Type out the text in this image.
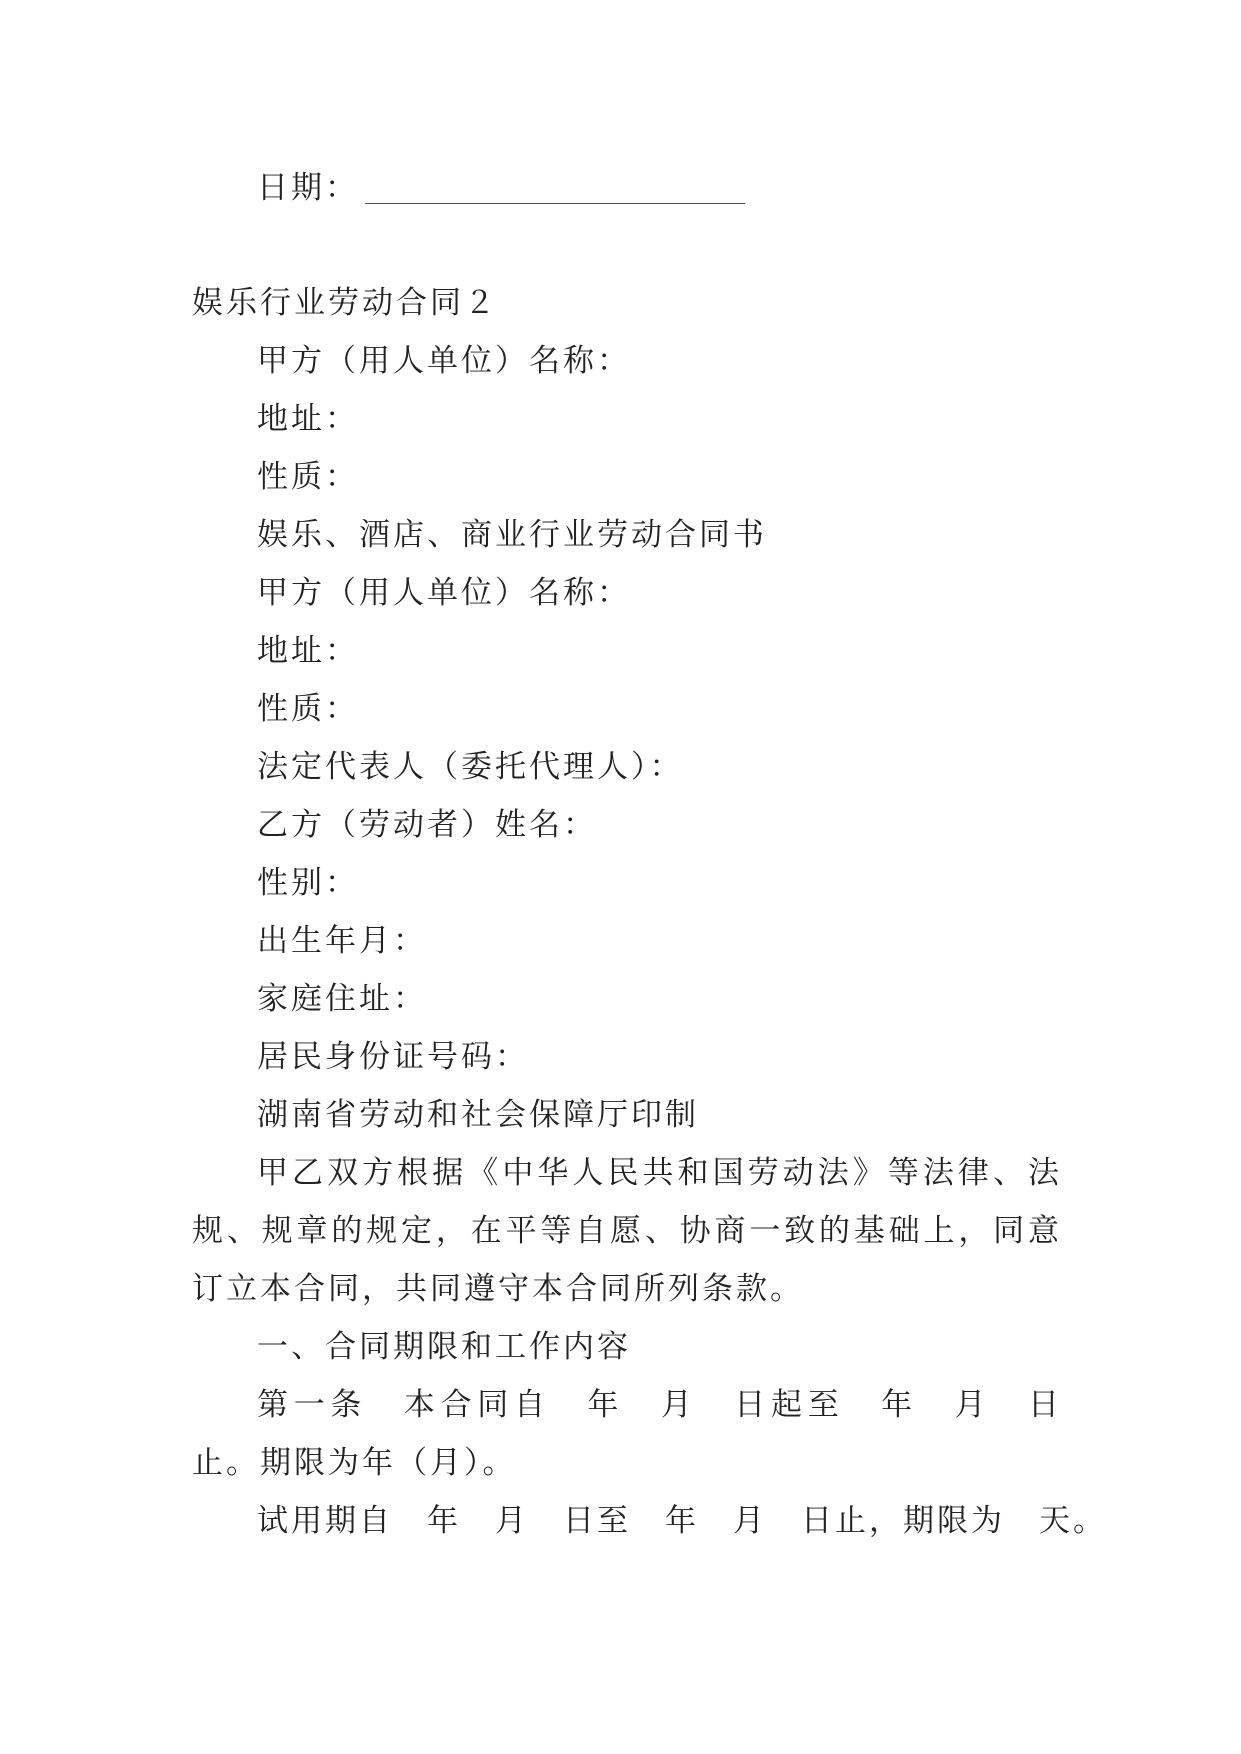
日期：
娱乐行业劳动合同２
甲方（用人单位）名称：
地址：
性质：
娱乐、酒店、商业行业劳动合同书
甲方（用人单位）名称：
地址：
性质：
法定代表人（委托代理人）：
乙方（劳动者）姓名：
性别：
出生年月：
家庭住址：
居民身份证号码：
湖南省劳动和社会保障厅印制
甲乙双方根据《中华人民共和国劳动法》等法律、法规、规章的规定，在平等自愿、协商一致的基础上，同意订立本合同，共同遵守本合同所列条款。
一、合同期限和工作内容
第一条　本合同自　年　月　日起至　年　月　日止。期限为年（月）。
试用期自　年　月　日至　年　月　日止，期限为　天。
